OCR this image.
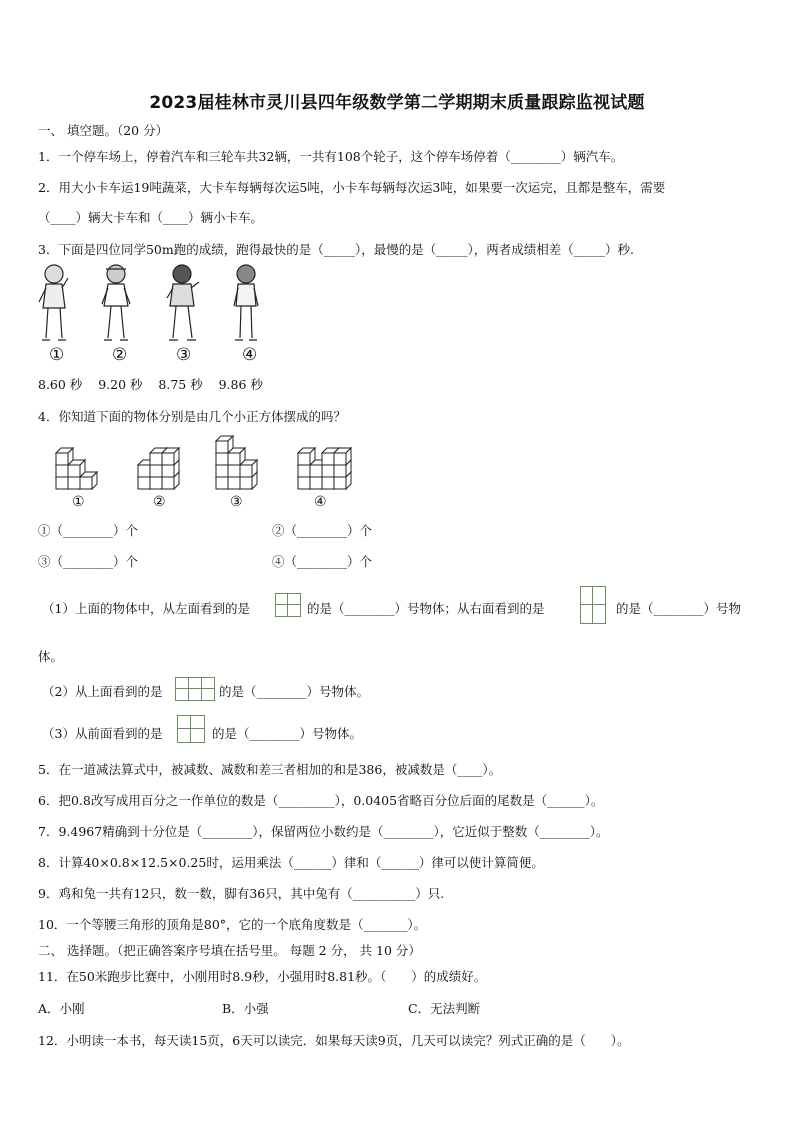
2023届桂林市灵川县四年级数学第二学期期末质量跟踪监视试题
一、 填空题。（20 分）
1．一个停车场上，停着汽车和三轮车共32辆，一共有108个轮子，这个停车场停着（________）辆汽车。
2．用大小卡车运19吨蔬菜，大卡车每辆每次运5吨，小卡车每辆每次运3吨，如果要一次运完，且都是整车，需要
（____）辆大卡车和（____）辆小卡车。
3．下面是四位同学50m跑的成绩，跑得最快的是（_____），最慢的是（_____），两者成绩相差（_____）秒.
①	②	③	④
8.60 秒    9.20 秒    8.75 秒    9.86 秒
4．你知道下面的物体分别是由几个小正方体摆成的吗？
①	②	③	④
①（________）个	②（________）个
③（________）个	④（________）个
（1）上面的物体中，从左面看到的是	的是（________）号物体；从右面看到的是	的是（________）号物
体。
（2）从上面看到的是	的是（________）号物体。
（3）从前面看到的是	的是（________）号物体。
5．在一道减法算式中，被减数、减数和差三者相加的和是386，被减数是（____）。
6．把0.8改写成用百分之一作单位的数是（_________），0.0405省略百分位后面的尾数是（______）。
7．9.4967精确到十分位是（________），保留两位小数约是（________），它近似于整数（________）。
8．计算40×0.8×12.5×0.25时，运用乘法（______）律和（______）律可以使计算简便。
9．鸡和兔一共有12只，数一数，脚有36只，其中兔有（__________）只.
10．一个等腰三角形的顶角是80°，它的一个底角度数是（_______）。
二、 选择题。（把正确答案序号填在括号里。 每题 2 分， 共 10 分）
11．在50米跑步比赛中，小刚用时8.9秒，小强用时8.81秒。（　　）的成绩好。
A．小刚	B．小强	C．无法判断
12．小明读一本书，每天读15页，6天可以读完．如果每天读9页，几天可以读完？列式正确的是（　　）。
